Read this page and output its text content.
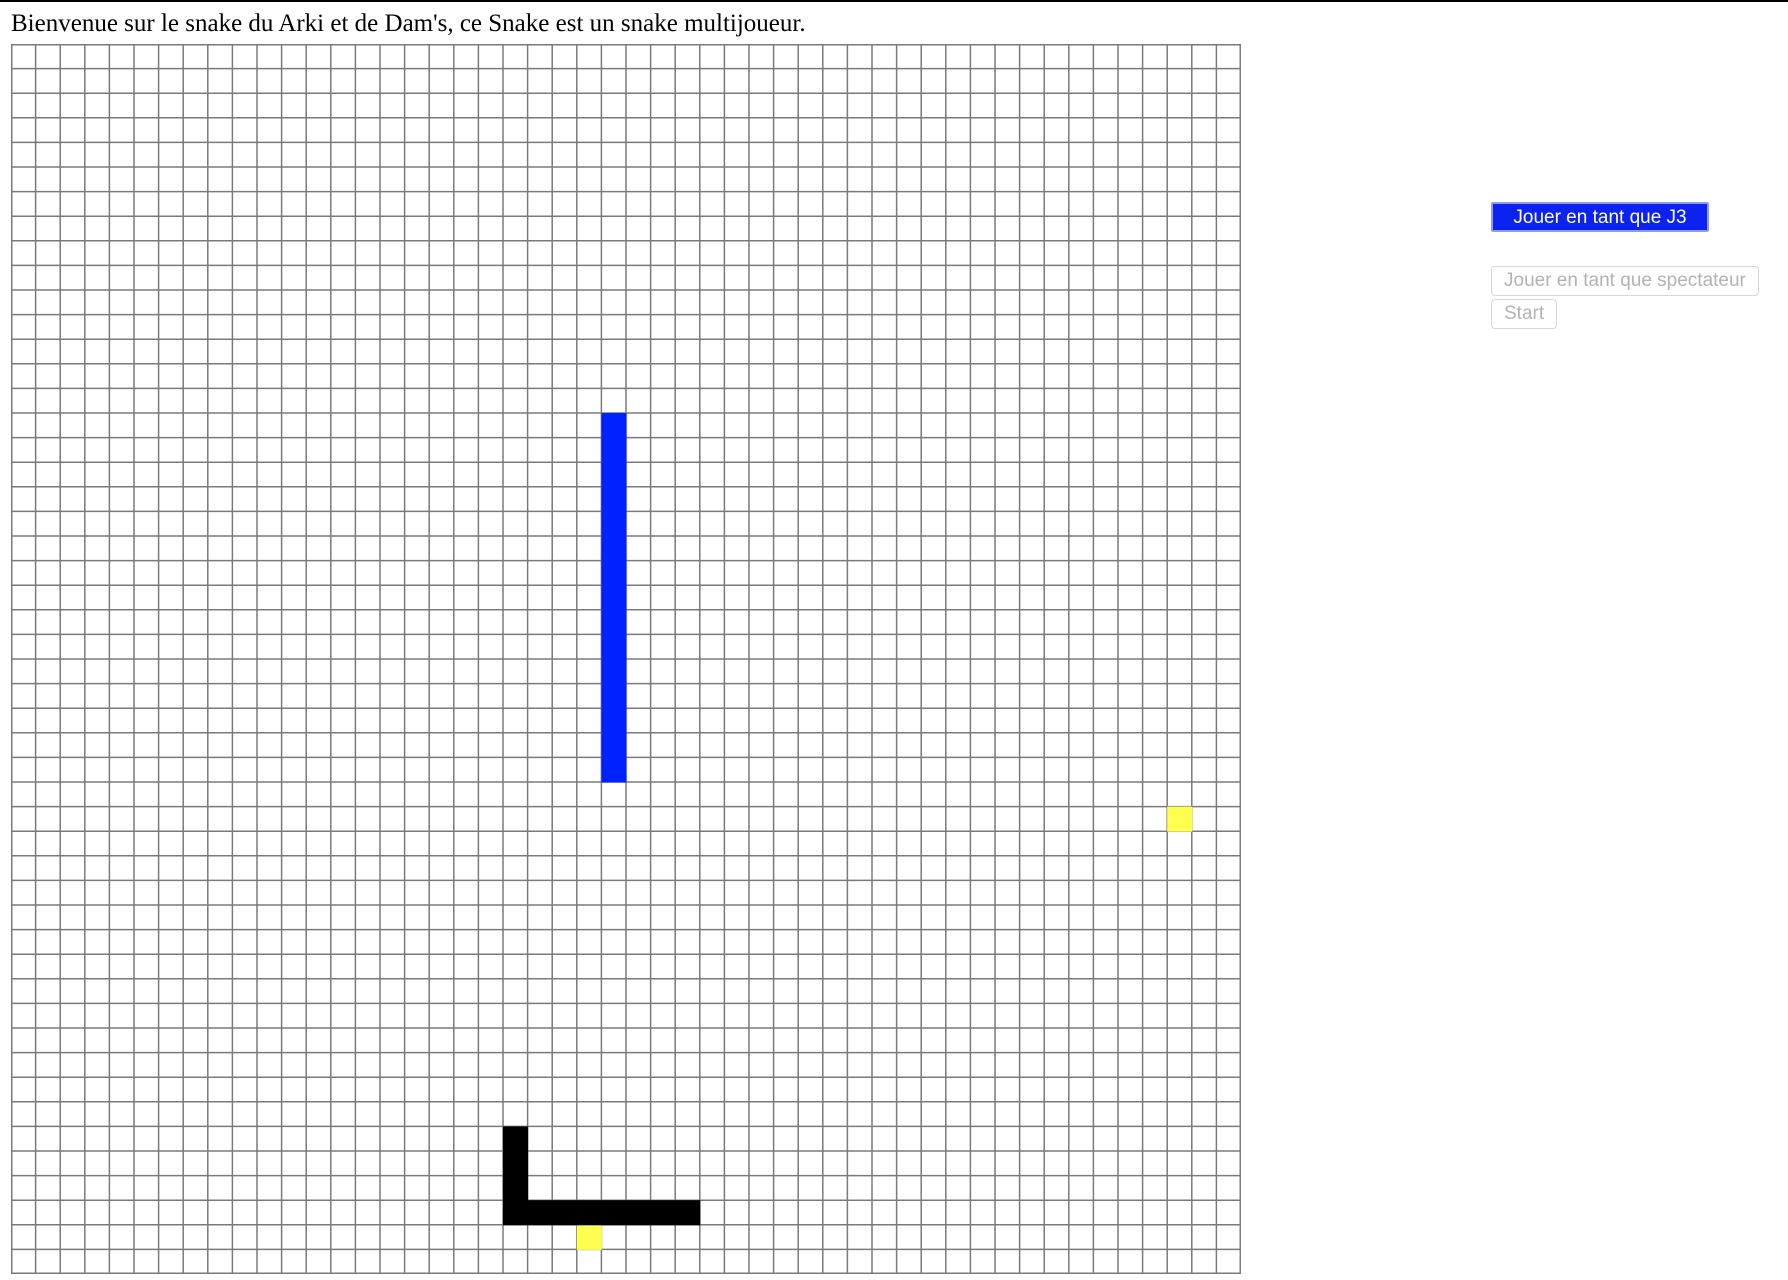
Bienvenue sur le snake du Arki et de Dam's, ce Snake est un snake multijoueur.

Jouer en tant que J3
Jouer en tant que spectateur
Start
